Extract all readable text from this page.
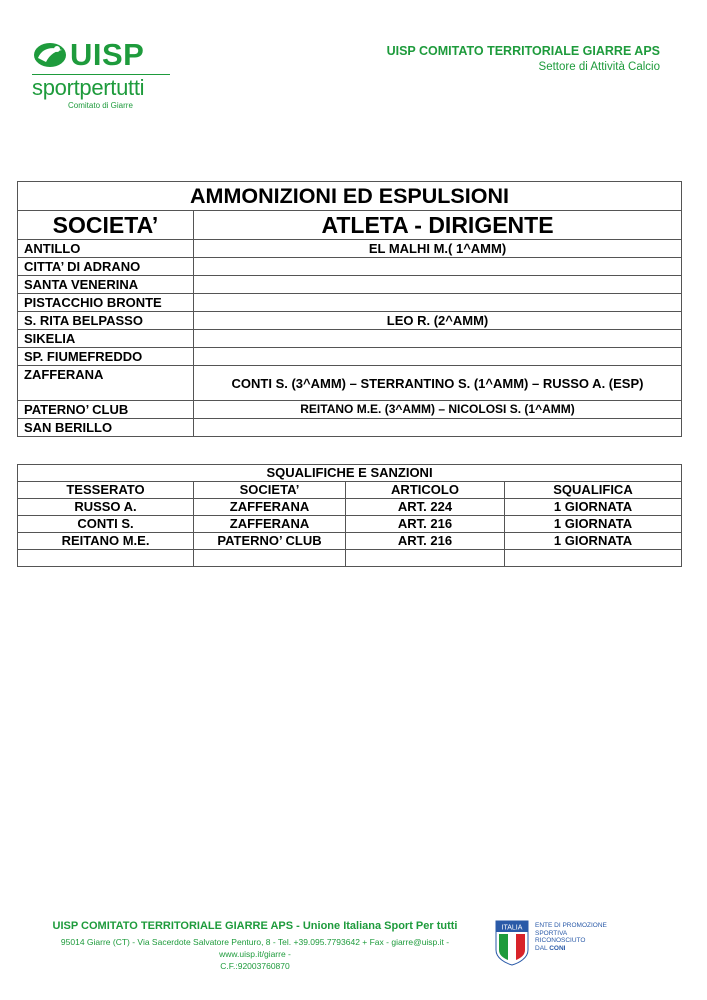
UISP
sportpertutti
Comitato di Giarre
UISP COMITATO TERRITORIALE GIARRE APS
Settore di Attività Calcio
AMMONIZIONI ED ESPULSIONI	
SOCIETA’	ATLETA - DIRIGENTE
ANTILLO	EL MALHI M.( 1^AMM)
CITTA’ DI ADRANO	
SANTA VENERINA	
PISTACCHIO BRONTE	
S. RITA BELPASSO	LEO R. (2^AMM)
SIKELIA	
SP. FIUMEFREDDO	
ZAFFERANA	CONTI S. (3^AMM) – STERRANTINO S. (1^AMM) – RUSSO A. (ESP)
PATERNO’ CLUB	REITANO M.E. (3^AMM) – NICOLOSI S. (1^AMM)
SAN BERILLO	
SQUALIFICHE E SANZIONI			
TESSERATO	SOCIETA’	ARTICOLO	SQUALIFICA
RUSSO A.	ZAFFERANA	ART. 224	1 GIORNATA
CONTI S.	ZAFFERANA	ART. 216	1 GIORNATA
REITANO M.E.	PATERNO’ CLUB	ART. 216	1 GIORNATA

UISP COMITATO TERRITORIALE GIARRE APS - Unione Italiana Sport Per tutti
95014 Giarre (CT) - Via Sacerdote Salvatore Penturo, 8 - Tel. +39.095.7793642 + Fax - giarre@uisp.it - www.uisp.it/giarre -
C.F.:92003760870
ITALIA ENTE DI PROMOZIONE
SPORTIVA
RICONOSCIUTO
DAL CONI
